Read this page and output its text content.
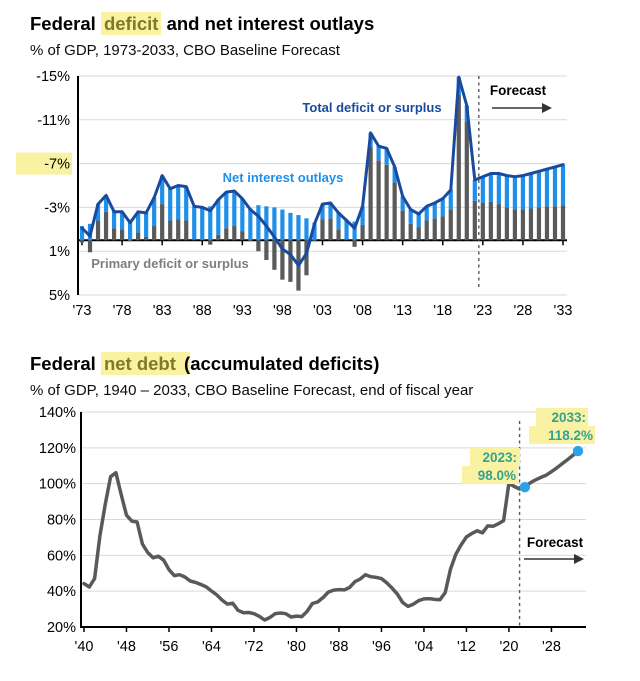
Federal deficit and net interest outlays
% of GDP, 1973-2033, CBO Baseline Forecast
-15%
-11%
-7%
-3%
1%
5%
'73 '78 '83 '88 '93 '98 '03 '08 '13 '18 '23 '28 '33
Total deficit or surplus
Net interest outlays
Primary deficit or surplus
Forecast
Federal net debt (accumulated deficits)
% of GDP, 1940 – 2033, CBO Baseline Forecast, end of fiscal year
20%
40%
60%
80%
100%
120%
140%
'40 '48 '56 '64 '72 '80 '88 '96 '04 '12 '20 '28
Forecast
2023:
98.0%
2033:
118.2%
